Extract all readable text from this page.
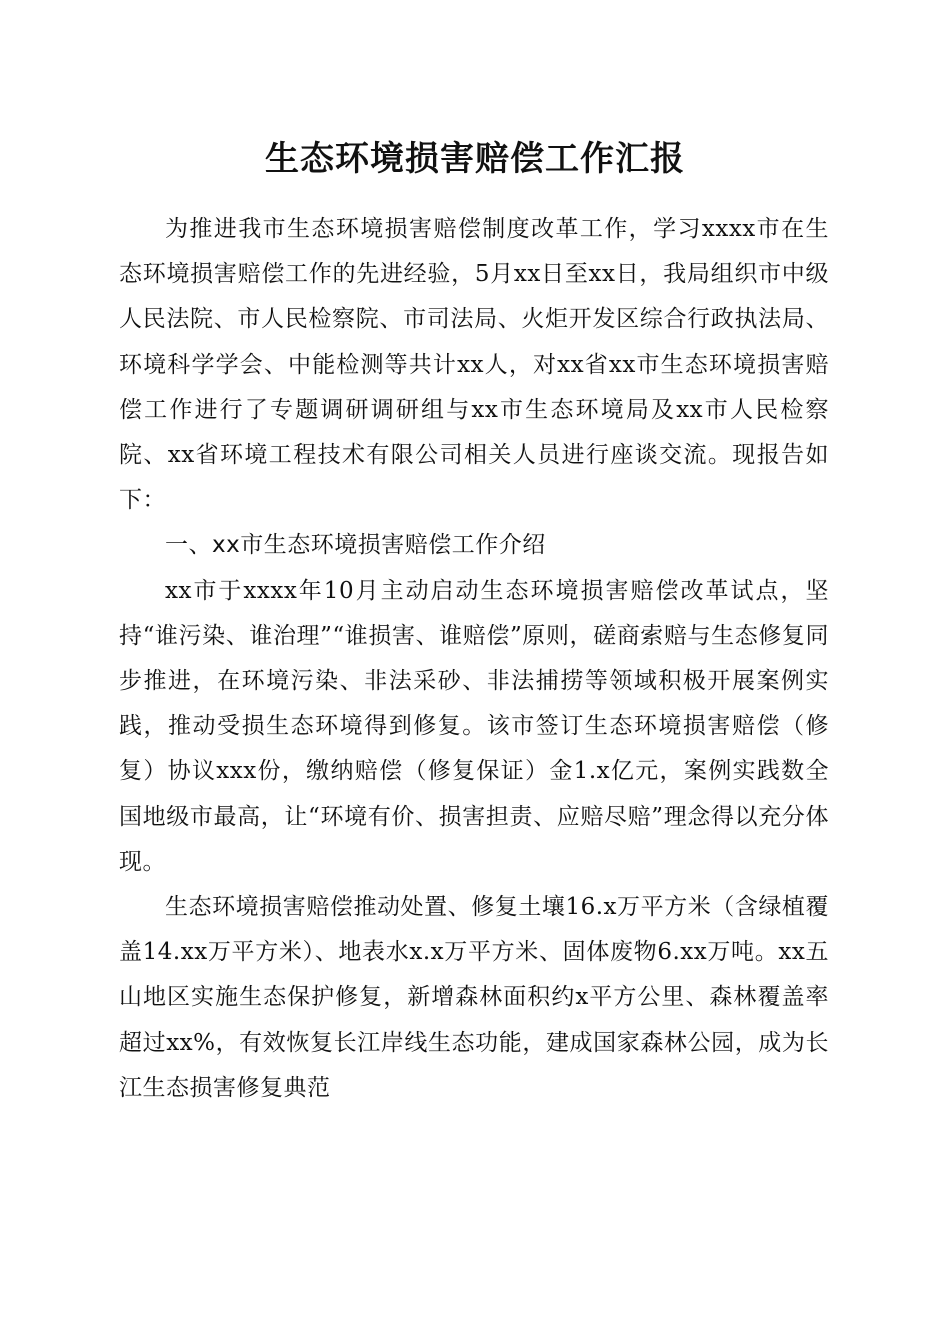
生态环境损害赔偿工作汇报

为推进我市生态环境损害赔偿制度改革工作，学习xxxx市在生态环境损害赔偿工作的先进经验，5月xx日至xx日，我局组织市中级人民法院、市人民检察院、市司法局、火炬开发区综合行政执法局、环境科学学会、中能检测等共计xx人，对xx省xx市生态环境损害赔偿工作进行了专题调研调研组与xx市生态环境局及xx市人民检察院、xx省环境工程技术有限公司相关人员进行座谈交流。现报告如下：

一、xx市生态环境损害赔偿工作介绍

xx市于xxxx年10月主动启动生态环境损害赔偿改革试点，坚持“谁污染、谁治理”“谁损害、谁赔偿”原则，磋商索赔与生态修复同步推进，在环境污染、非法采砂、非法捕捞等领域积极开展案例实践，推动受损生态环境得到修复。该市签订生态环境损害赔偿（修复）协议xxx份，缴纳赔偿（修复保证）金1.x亿元，案例实践数全国地级市最高，让“环境有价、损害担责、应赔尽赔”理念得以充分体现。

生态环境损害赔偿推动处置、修复土壤16.x万平方米（含绿植覆盖14.xx万平方米）、地表水x.x万平方米、固体废物6.xx万吨。xx五山地区实施生态保护修复，新增森林面积约x平方公里、森林覆盖率超过xx%，有效恢复长江岸线生态功能，建成国家森林公园，成为长江生态损害修复典范
